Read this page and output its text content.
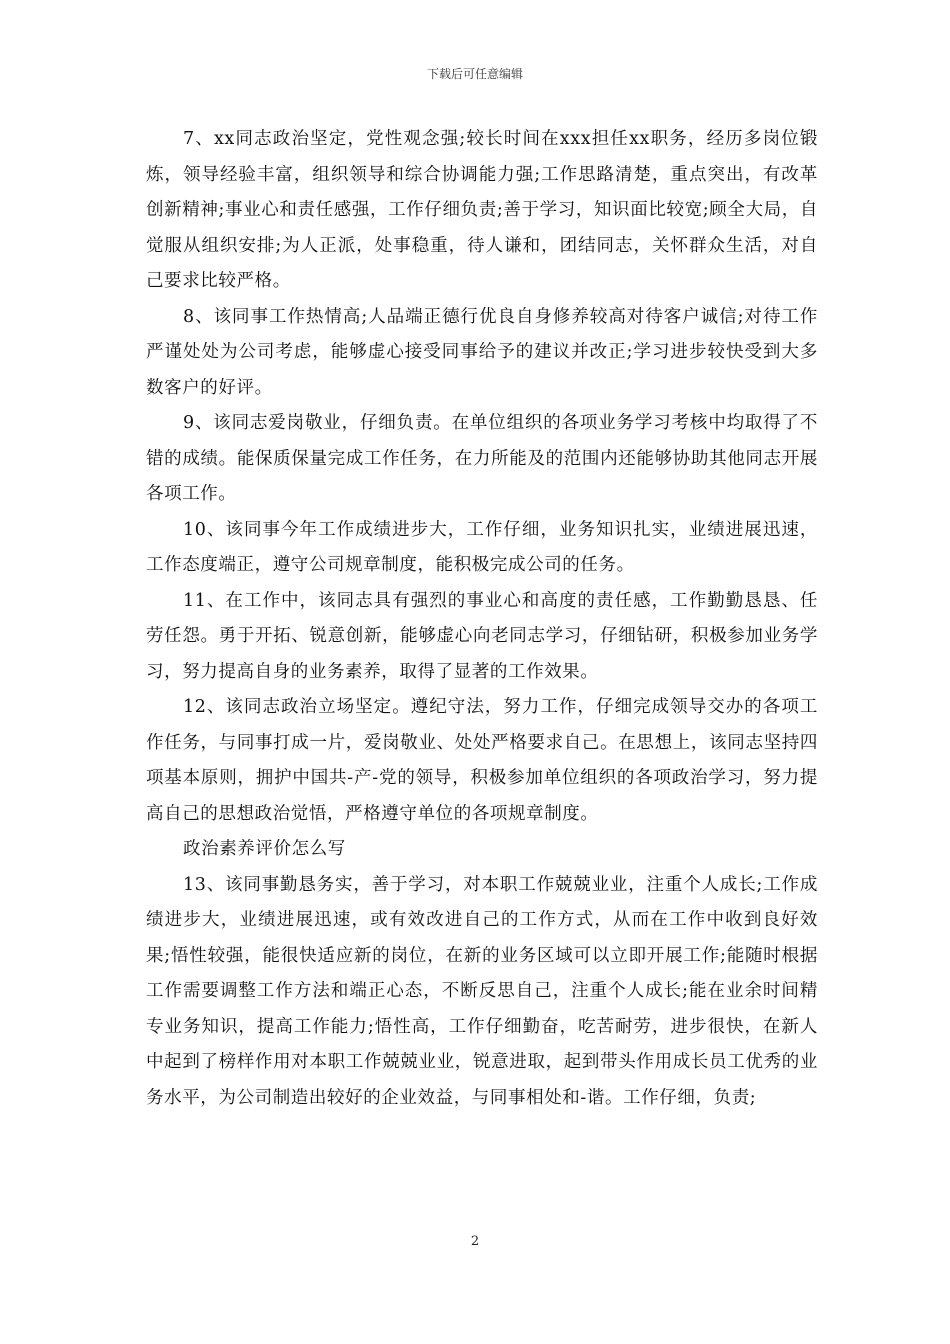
下载后可任意编辑

7、xx同志政治坚定，党性观念强;较长时间在xxx担任xx职务，经历多岗位锻炼，领导经验丰富，组织领导和综合协调能力强;工作思路清楚，重点突出，有改革创新精神;事业心和责任感强，工作仔细负责;善于学习，知识面比较宽;顾全大局，自觉服从组织安排;为人正派，处事稳重，待人谦和，团结同志，关怀群众生活，对自己要求比较严格。

8、该同事工作热情高;人品端正德行优良自身修养较高对待客户诚信;对待工作严谨处处为公司考虑，能够虚心接受同事给予的建议并改正;学习进步较快受到大多数客户的好评。

9、该同志爱岗敬业，仔细负责。在单位组织的各项业务学习考核中均取得了不错的成绩。能保质保量完成工作任务，在力所能及的范围内还能够协助其他同志开展各项工作。

10、该同事今年工作成绩进步大，工作仔细，业务知识扎实，业绩进展迅速，工作态度端正，遵守公司规章制度，能积极完成公司的任务。

11、在工作中，该同志具有强烈的事业心和高度的责任感，工作勤勤恳恳、任劳任怨。勇于开拓、锐意创新，能够虚心向老同志学习，仔细钻研，积极参加业务学习，努力提高自身的业务素养，取得了显著的工作效果。

12、该同志政治立场坚定。遵纪守法，努力工作，仔细完成领导交办的各项工作任务，与同事打成一片，爱岗敬业、处处严格要求自己。在思想上，该同志坚持四项基本原则，拥护中国共-产-党的领导，积极参加单位组织的各项政治学习，努力提高自己的思想政治觉悟，严格遵守单位的各项规章制度。

政治素养评价怎么写

13、该同事勤恳务实，善于学习，对本职工作兢兢业业，注重个人成长;工作成绩进步大，业绩进展迅速，或有效改进自己的工作方式，从而在工作中收到良好效果;悟性较强，能很快适应新的岗位，在新的业务区域可以立即开展工作;能随时根据工作需要调整工作方法和端正心态，不断反思自己，注重个人成长;能在业余时间精专业务知识，提高工作能力;悟性高，工作仔细勤奋，吃苦耐劳，进步很快，在新人中起到了榜样作用对本职工作兢兢业业，锐意进取，起到带头作用成长员工优秀的业务水平，为公司制造出较好的企业效益，与同事相处和-谐。工作仔细，负责;

2
